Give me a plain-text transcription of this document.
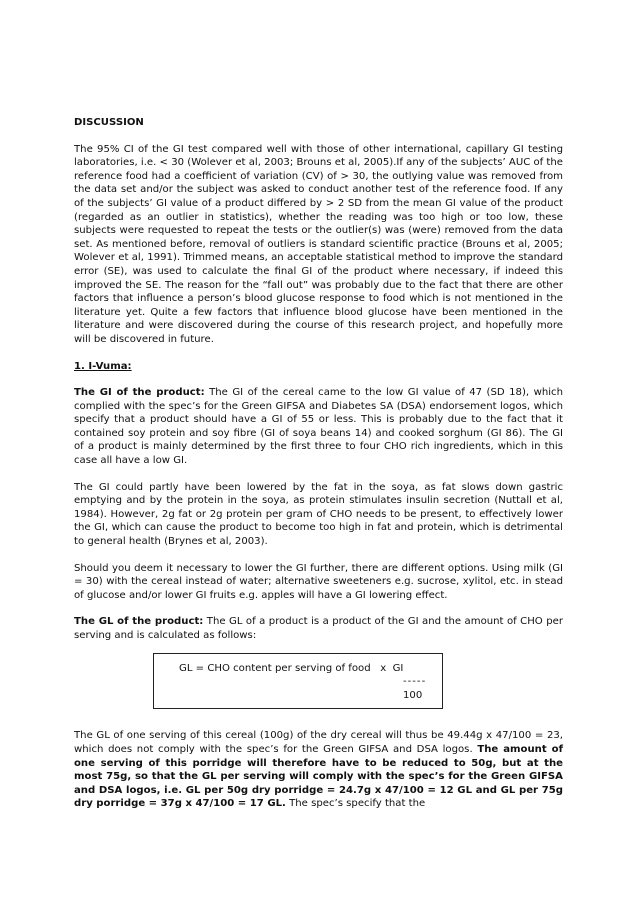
DISCUSSION

The 95% CI of the GI test compared well with those of other international, capillary GI testing laboratories, i.e. < 30 (Wolever et al, 2003; Brouns et al, 2005).If any of the subjects’ AUC of the reference food had a coefficient of variation (CV) of > 30, the outlying value was removed from the data set and/or the subject was asked to conduct another test of the reference food. If any of the subjects’ GI value of a product differed by > 2 SD from the mean GI value of the product (regarded as an outlier in statistics), whether the reading was too high or too low, these subjects were requested to repeat the tests or the outlier(s) was (were) removed from the data set. As mentioned before, removal of outliers is standard scientific practice (Brouns et al, 2005; Wolever et al, 1991). Trimmed means, an acceptable statistical method to improve the standard error (SE), was used to calculate the final GI of the product where necessary, if indeed this improved the SE. The reason for the “fall out” was probably due to the fact that there are other factors that influence a person’s blood glucose response to food which is not mentioned in the literature yet. Quite a few factors that influence blood glucose have been mentioned in the literature and were discovered during the course of this research project, and hopefully more will be discovered in future.

1. I-Vuma:

The GI of the product: The GI of the cereal came to the low GI value of 47 (SD 18), which complied with the spec’s for the Green GIFSA and Diabetes SA (DSA) endorsement logos, which specify that a product should have a GI of 55 or less. This is probably due to the fact that it contained soy protein and soy fibre (GI of soya beans 14) and cooked sorghum (GI 86). The GI of a product is mainly determined by the first three to four CHO rich ingredients, which in this case all have a low GI.

The GI could partly have been lowered by the fat in the soya, as fat slows down gastric emptying and by the protein in the soya, as protein stimulates insulin secretion (Nuttall et al, 1984). However, 2g fat or 2g protein per gram of CHO needs to be present, to effectively lower the GI, which can cause the product to become too high in fat and protein, which is detrimental to general health (Brynes et al, 2003).

Should you deem it necessary to lower the GI further, there are different options. Using milk (GI = 30) with the cereal instead of water; alternative sweeteners e.g. sucrose, xylitol, etc. in stead of glucose and/or lower GI fruits e.g. apples will have a GI lowering effect.

The GL of the product: The GL of a product is a product of the GI and the amount of CHO per serving and is calculated as follows:

GL = CHO content per serving of food   x  GI
-----
100

The GL of one serving of this cereal (100g) of the dry cereal will thus be 49.44g x 47/100 = 23, which does not comply with the spec’s for the Green GIFSA and DSA logos. The amount of one serving of this porridge will therefore have to be reduced to 50g, but at the most 75g, so that the GL per serving will comply with the spec’s for the Green GIFSA and DSA logos, i.e. GL per 50g dry porridge = 24.7g x 47/100 = 12 GL and GL per 75g dry porridge = 37g x 47/100 = 17 GL. The spec’s specify that the
